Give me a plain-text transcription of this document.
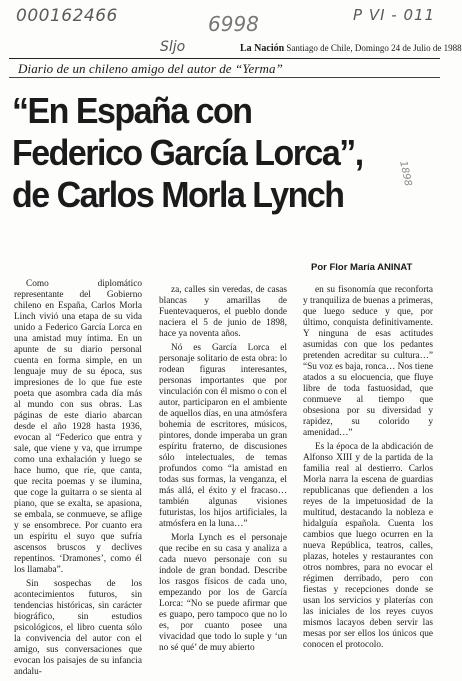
000162466	6998	P VI - 011
Sljo
1898
La Nación Santiago de Chile, Domingo 24 de Julio de 1988
Diario de un chileno amigo del autor de “Yerma”
“En España con
Federico García Lorca”,
de Carlos Morla Lynch
Por Flor María ANINAT

Como diplomático representante del Gobierno chileno en España, Carlos Morla Linch vivió una etapa de su vida unido a Federico García Lorca en una amistad muy íntima. En un apunte de su diario personal cuenta en forma simple, en un lenguaje muy de su época, sus impresiones de lo que fue este poeta que asombra cada día más al mundo con sus obras. Las páginas de este diario abarcan desde el año 1928 hasta 1936, evocan al “Federico que entra y sale, que viene y va, que irrumpe como una exhalación y luego se hace humo, que ríe, que canta, que recita poemas y se ilumina, que coge la guitarra o se sienta al piano, que se exalta, se apasiona, se embala, se conmueve, se aflige y se ensombrece. Por cuanto era un espíritu el suyo que sufría ascensos bruscos y declives repentinos. ‘Dramones’, como él los llamaba”.

Sin sospechas de los acontecimientos futuros, sin tendencias históricas, sin carácter biográfico, sin estudios psicológicos, el libro cuenta sólo la convivencia del autor con el amigo, sus conversaciones que evocan los paisajes de su infancia andalu-

za, calles sin veredas, de casas blancas y amarillas de Fuentevaqueros, el pueblo donde naciera el 5 de junio de 1898, hace ya noventa años.

Nó es García Lorca el personaje solitario de esta obra: lo rodean figuras interesantes, personas importantes que por vinculación con él mismo o con el autor, participaron en el ambiente de aquellos días, en una atmósfera bohemia de escritores, músicos, pintores, donde imperaba un gran espíritu fraterno, de discusiones sólo intelectuales, de temas profundos como “la amistad en todas sus formas, la venganza, el más allá, el éxito y el fracaso… también algunas visiones futuristas, los hijos artificiales, la atmósfera en la luna…”

Morla Lynch es el personaje que recibe en su casa y analiza a cada nuevo personaje con su índole de gran bondad. Describe los rasgos físicos de cada uno, empezando por los de García Lorca: “No se puede afirmar que es guapo, pero tampoco que no lo es, por cuanto posee una vivacidad que todo lo suple y ‘un no sé qué’ de muy abierto

en su fisonomía que reconforta y tranquiliza de buenas a primeras, que luego seduce y que, por último, conquista definitivamente. Y ninguna de esas actitudes asumidas con que los pedantes pretenden acreditar su cultura…” “Su voz es baja, ronca… Nos tiene atados a su elocuencia, que fluye libre de toda fastuosidad, que conmueve al tiempo que obsesiona por su diversidad y rapidez, su colorido y amenidad…”

Es la época de la abdicación de Alfonso XIII y de la partida de la familia real al destierro. Carlos Morla narra la escena de guardias republicanas que defienden a los reyes de la impetuosidad de la multitud, destacando la nobleza e hidalguía española. Cuenta los cambios que luego ocurren en la nueva República, teatros, calles, plazas, hoteles y restaurantes con otros nombres, para no evocar el régimen derribado, pero con fiestas y recepciones donde se usan los servicios y platerías con las iniciales de los reyes cuyos mismos lacayos deben servir las mesas por ser ellos los únicos que conocen el protocolo.
